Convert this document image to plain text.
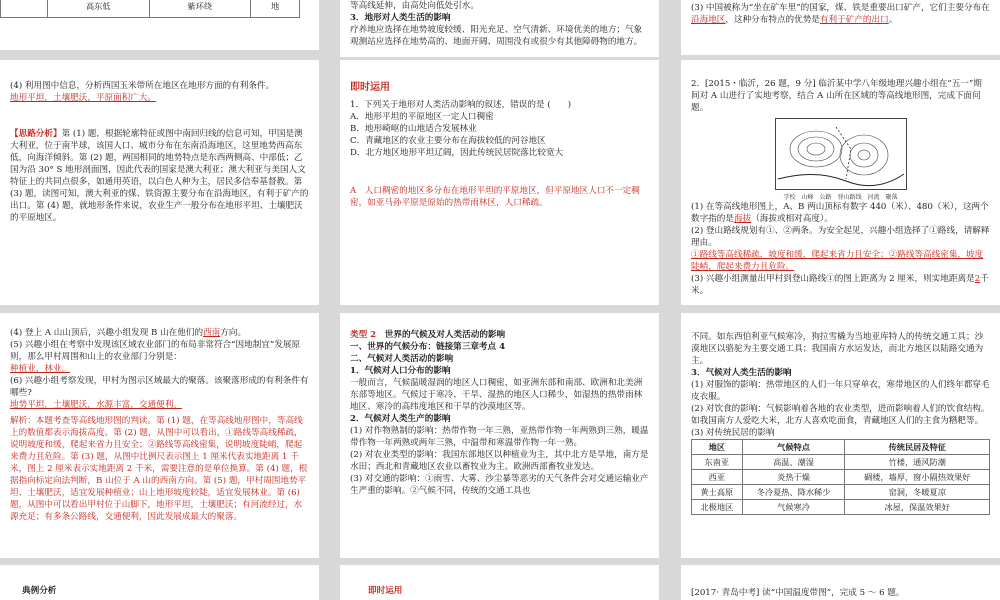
	高东低	紫环绕	地	等高线延伸，由高处向低处引水。

3．地形对人类生活的影响

疗养地应选择在地势坡度较缓、阳光充足、空气清新、环境优美的地方；气象观测站应选择在地势高的、地面开阔、周围没有或很少有其他障碍物的地方。

(3) 中国被称为“坐在矿车里”的国家，煤、铁是重要出口矿产，它们主要分布在沿海地区，这种分布特点的优势是有利于矿产的出口。

(4) 利用图中信息，分析西国玉米带所在地区在地形方面的有利条件。

地形平坦，土壤肥沃，平原面积广大。

【思路分析】第 (1) 题，根据轮廓特征或图中南回归线的信息可知，甲国是澳大利亚，位于南半球，该国人口、城市分布在东南沿海地区，这里地势西高东低，向海洋倾斜。第 (2) 题，两国相同的地势特点是东西两侧高、中部低；乙国为沿 30° S 地形剖面图，因此代表的国家是澳大利亚；澳大利亚与美国人文特征上的共同点很多，如通用英语，以白色人种为主，居民多信奉基督教。第 (3) 题，读图可知，澳大利亚的煤、铁资源主要分布在沿海地区，有利于矿产的出口。第 (4) 题，就地形条件来说，农业生产一般分布在地形平坦、土壤肥沃的平原地区。

即时运用

1．下列关于地形对人类活动影响的叙述，错误的是 (　　)

A．地形平坦的平原地区一定人口稠密

B．地形崎岖的山地适合发展林业

C．青藏地区的农业主要分布在海拔较低的河谷地区

D．北方地区地形平坦辽阔，因此传统民居院落比较宽大

A　人口稠密的地区多分布在地形平坦的平原地区，但平原地区人口不一定稠密，如亚马孙平原是原始的热带雨林区，人口稀疏。

2．[2015・临沂，26 题，9 分] 临沂某中学八年级地理兴趣小组在“五一”期间对 A 山进行了实地考察，结合 A 山所在区域的等高线地形图，完成下面问题。

学校　山峰　公路　登山路线　河流　聚落

(1) 在等高线地形图上，A、B 两山顶标有数字 440（米）、480（米），这两个数字指的是海拔（海拔或相对高度）。

(2) 登山路线规划有①、②两条。为安全起见，兴趣小组选择了①路线，请解释理由。

①路线等高线稀疏，坡度和缓，爬起来省力且安全；②路线等高线密集，坡度陡峭，爬起来费力且危险。

(3) 兴趣小组测量出甲村到登山路线①的图上距离为 2 厘米，则实地距离是2千米。

(4) 登上 A 山山顶后，兴趣小组发现 B 山在他们的西南方向。

(5) 兴趣小组在考察中发现该区域农业部门的布局非常符合“因地制宜”发展原则，那么甲村周围和山上的农业部门分别是：

种植业，林业。

(6) 兴趣小组考察发现，甲村为图示区域最大的聚落。该聚落形成的有利条件有哪些?

地势平坦，土壤肥沃，水源丰富，交通便利。

解析：本题考查等高线地形图的判读。第 (1) 题，在等高线地形图中，等高线上的数值都表示海拔高度。第 (2) 题，从图中可以看出，①路线等高线稀疏，说明坡度和缓，爬起来省力且安全；②路线等高线密集，说明坡度陡峭，爬起来费力且危险。第 (3) 题，从图中比例尺表示图上 1 厘米代表实地距离 1 千米，图上 2 厘米表示实地距离 2 千米，需要注意的是单位换算。第 (4) 题，根据指向标定向法判断，B 山位于 A 山的西南方向。第 (5) 题，甲村周围地势平坦、土壤肥沃，适宜发展种植业；山上地形坡度较陡，适宜发展林业。第 (6) 题，从图中可以看出甲村位于山脚下，地形平坦，土壤肥沃；有河流经过，水源充足；有多条公路线，交通便利，因此发展成最大的聚落。

类型 2　 世界的气候及对人类活动的影响

一、世界的气候分布：链接第三章考点 4

二、气候对人类活动的影响

1．气候对人口分布的影响

一般而言，气候温暖湿润的地区人口稠密，如亚洲东部和南部、欧洲和北美洲东部等地区。气候过于寒冷、干旱、湿热的地区人口稀少，如湿热的热带雨林地区、寒冷的高纬度地区和干旱的沙漠地区等。

2．气候对人类生产的影响

(1) 对作物熟制的影响：热带作物一年三熟，亚热带作物一年两熟到三熟，暖温带作物一年两熟或两年三熟，中温带和寒温带作物一年一熟。

(2) 对农业类型的影响：我国东部地区以种植业为主，其中北方是旱地，南方是水田；西北和青藏地区农业以畜牧业为主。欧洲西部畜牧业发达。

(3) 对交通的影响：①雨雪、大雾、沙尘暴等恶劣的天气条件会对交通运输业产生严重的影响。②气候不同，传统的交通工具也

不同。如东西伯利亚气候寒冷，狗拉雪橇为当地亚库特人的传统交通工具；沙漠地区以骆驼为主要交通工具；我国南方水运发达，而北方地区以陆路交通为主。

3．气候对人类生活的影响

(1) 对服饰的影响：热带地区的人们一年只穿单衣，寒带地区的人们终年都穿毛皮衣服。

(2) 对饮食的影响：气候影响着各地的农业类型，进而影响着人们的饮食结构。如我国南方人爱吃大米，北方人喜欢吃面食，青藏地区人们的主食为糌粑等。

(3) 对传统民居的影响

地区	气候特点	传统民居及特征
东南亚	高温、潮湿	竹楼，通风防潮
西亚	炎热干燥	碉楼，墙厚，窗小隔热效果好
黄土高原	冬冷夏热、降水稀少	窑洞，冬暖夏凉
北极地区	气候寒冷	冰屋，保温效果好

典例分析	即时运用	[2017· 青岛中考] 读“中国温度带图”，完成 5 ～ 6 题。
